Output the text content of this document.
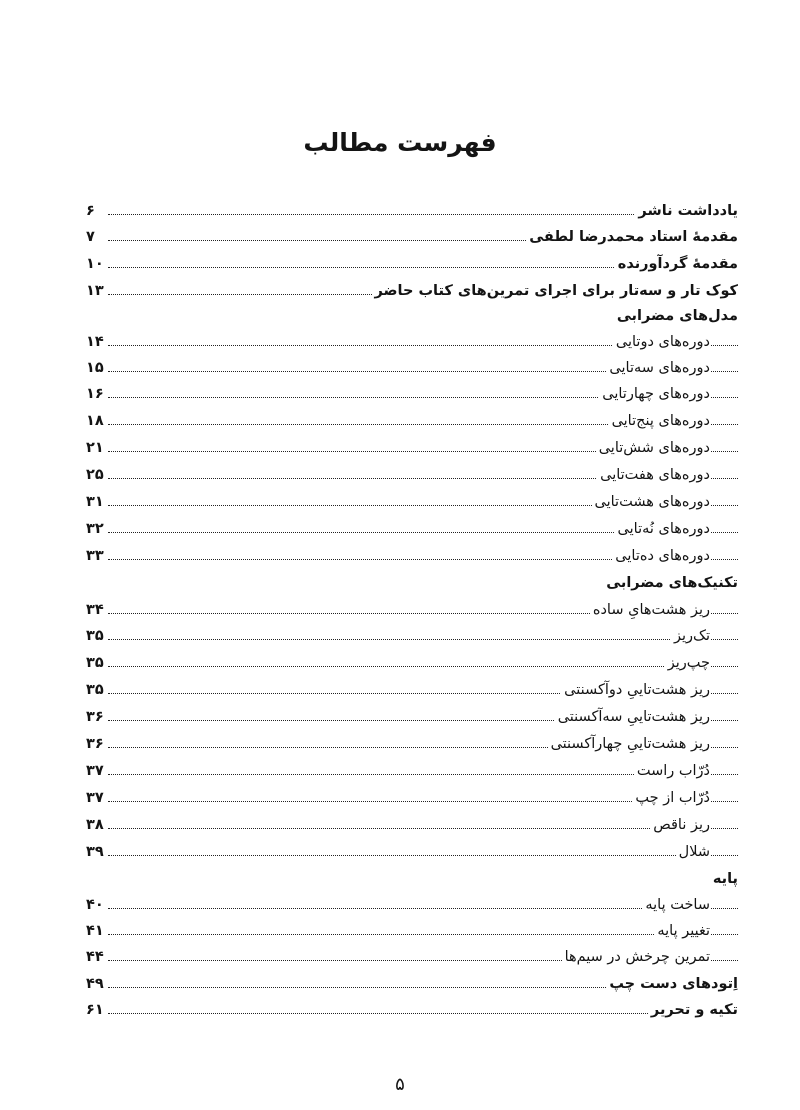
فهرست مطالب
۶	یادداشت ناشر
۷	مقدمهٔ استاد محمدرضا لطفی
۱۰	مقدمهٔ گردآورنده
۱۳	کوک تار و سه‌تار برای اجرای تمرین‌های کتاب حاضر
مدل‌های مضرابی
۱۴	دوره‌های دوتایی
۱۵	دوره‌های سه‌تایی
۱۶	دوره‌های چهارتایی
۱۸	دوره‌های پنج‌تایی
۲۱	دوره‌های شش‌تایی
۲۵	دوره‌های هفت‌تایی
۳۱	دوره‌های هشت‌تایی
۳۲	دوره‌های نُه‌تایی
۳۳	دوره‌های ده‌تایی
تکنیک‌های مضرابی
۳۴	ریز هشت‌هایِ ساده
۳۵	تک‌ریز
۳۵	چپ‌ریز
۳۵	ریز هشت‌تاییِ دوآکسنتی
۳۶	ریز هشت‌تاییِ سه‌آکسنتی
۳۶	ریز هشت‌تاییِ چهارآکسنتی
۳۷	دُرّاب راست
۳۷	دُرّاب از چپ
۳۸	ریز ناقص
۳۹	شلال
پایه
۴۰	ساخت پایه
۴۱	تغییر پایه
۴۴	تمرین چرخش در سیم‌ها
۴۹	اِتودهای دست چپ
۶۱	تکیه و تحریر
۵
